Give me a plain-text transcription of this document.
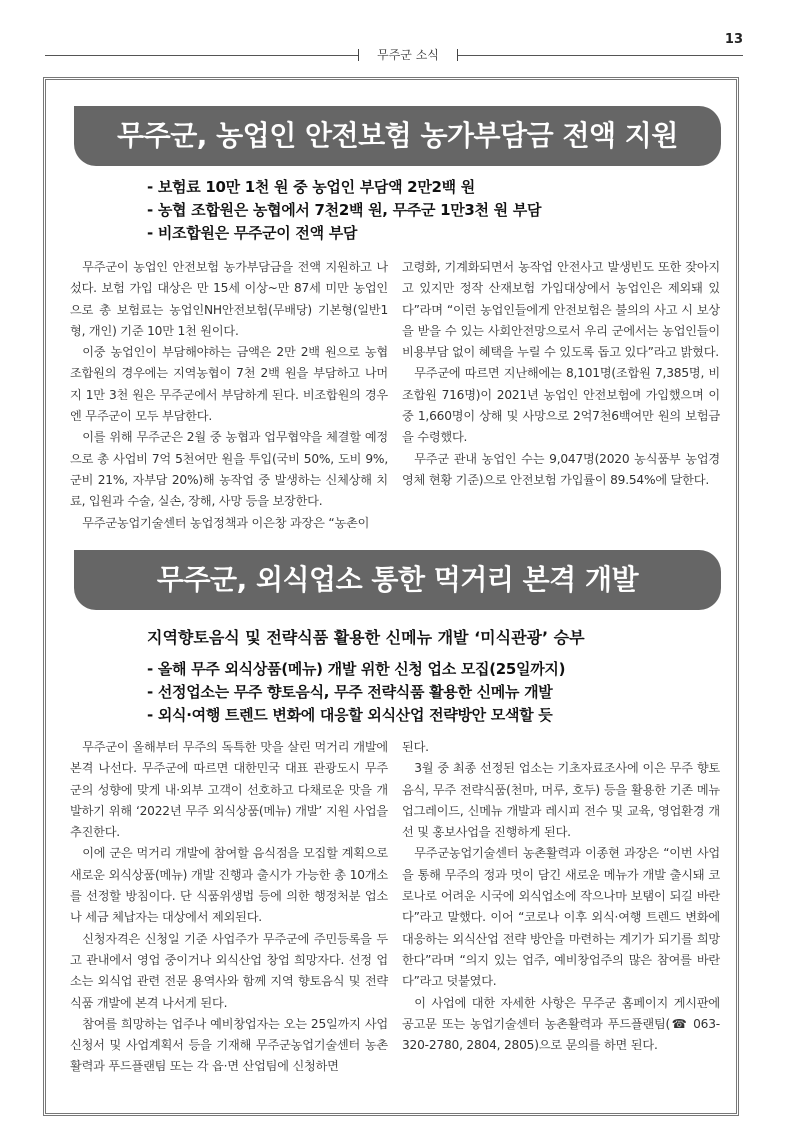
13
무주군 소식
무주군, 농업인 안전보험 농가부담금 전액 지원
- 보험료 10만 1천 원 중 농업인 부담액 2만2백 원
- 농협 조합원은 농협에서 7천2백 원, 무주군 1만3천 원 부담
- 비조합원은 무주군이 전액 부담

무주군이 농업인 안전보험 농가부담금을 전액 지원하고 나섰다. 보험 가입 대상은 만 15세 이상~만 87세 미만 농업인으로 총 보험료는 농업인NH안전보험(무배당) 기본형(일반1형, 개인) 기준 10만 1천 원이다.

이중 농업인이 부담해야하는 금액은 2만 2백 원으로 농협 조합원의 경우에는 지역농협이 7천 2백 원을 부담하고 나머지 1만 3천 원은 무주군에서 부담하게 된다. 비조합원의 경우엔 무주군이 모두 부담한다.

이를 위해 무주군은 2월 중 농협과 업무협약을 체결할 예정으로 총 사업비 7억 5천여만 원을 투입(국비 50%, 도비 9%, 군비 21%, 자부담 20%)해 농작업 중 발생하는 신체상해 치료, 입원과 수술, 실손, 장해, 사망 등을 보장한다.

무주군농업기술센터 농업정책과 이은창 과장은 “농촌이

고령화, 기계화되면서 농작업 안전사고 발생빈도 또한 잦아지고 있지만 정작 산재보험 가입대상에서 농업인은 제외돼 있다”라며 “이런 농업인들에게 안전보험은 불의의 사고 시 보상을 받을 수 있는 사회안전망으로서 우리 군에서는 농업인들이 비용부담 없이 혜택을 누릴 수 있도록 돕고 있다”라고 밝혔다.

무주군에 따르면 지난해에는 8,101명(조합원 7,385명, 비조합원 716명)이 2021년 농업인 안전보험에 가입했으며 이중 1,660명이 상해 및 사망으로 2억7천6백여만 원의 보험금을 수령했다.

무주군 관내 농업인 수는 9,047명(2020 농식품부 농업경영체 현황 기준)으로 안전보험 가입률이 89.54%에 달한다.

무주군, 외식업소 통한 먹거리 본격 개발
지역향토음식 및 전략식품 활용한 신메뉴 개발 ‘미식관광’ 승부
- 올해 무주 외식상품(메뉴) 개발 위한 신청 업소 모집(25일까지)
- 선정업소는 무주 향토음식, 무주 전략식품 활용한 신메뉴 개발
- 외식·여행 트렌드 변화에 대응할 외식산업 전략방안 모색할 듯

무주군이 올해부터 무주의 독특한 맛을 살린 먹거리 개발에 본격 나선다. 무주군에 따르면 대한민국 대표 관광도시 무주군의 성향에 맞게 내·외부 고객이 선호하고 다채로운 맛을 개발하기 위해 ‘2022년 무주 외식상품(메뉴) 개발’ 지원 사업을 추진한다.

이에 군은 먹거리 개발에 참여할 음식점을 모집할 계획으로 새로운 외식상품(메뉴) 개발 진행과 출시가 가능한 총 10개소를 선정할 방침이다. 단 식품위생법 등에 의한 행정처분 업소나 세금 체납자는 대상에서 제외된다.

신청자격은 신청일 기준 사업주가 무주군에 주민등록을 두고 관내에서 영업 중이거나 외식산업 창업 희망자다. 선정 업소는 외식업 관련 전문 용역사와 함께 지역 향토음식 및 전략식품 개발에 본격 나서게 된다.

참여를 희망하는 업주나 예비창업자는 오는 25일까지 사업신청서 및 사업계획서 등을 기재해 무주군농업기술센터 농촌활력과 푸드플랜팀 또는 각 읍·면 산업팀에 신청하면

된다.

3월 중 최종 선정된 업소는 기초자료조사에 이은 무주 향토음식, 무주 전략식품(천마, 머루, 호두) 등을 활용한 기존 메뉴 업그레이드, 신메뉴 개발과 레시피 전수 및 교육, 영업환경 개선 및 홍보사업을 진행하게 된다.

무주군농업기술센터 농촌활력과 이종현 과장은 “이번 사업을 통해 무주의 정과 멋이 담긴 새로운 메뉴가 개발 출시돼 코로나로 어려운 시국에 외식업소에 작으나마 보탬이 되길 바란다”라고 말했다. 이어 “코로나 이후 외식·여행 트렌드 변화에 대응하는 외식산업 전략 방안을 마련하는 계기가 되기를 희망한다”라며 “의지 있는 업주, 예비창업주의 많은 참여를 바란다”라고 덧붙였다.

이 사업에 대한 자세한 사항은 무주군 홈페이지 게시판에 공고문 또는 농업기술센터 농촌활력과 푸드플랜팀(☎ 063-320-2780, 2804, 2805)으로 문의를 하면 된다.
